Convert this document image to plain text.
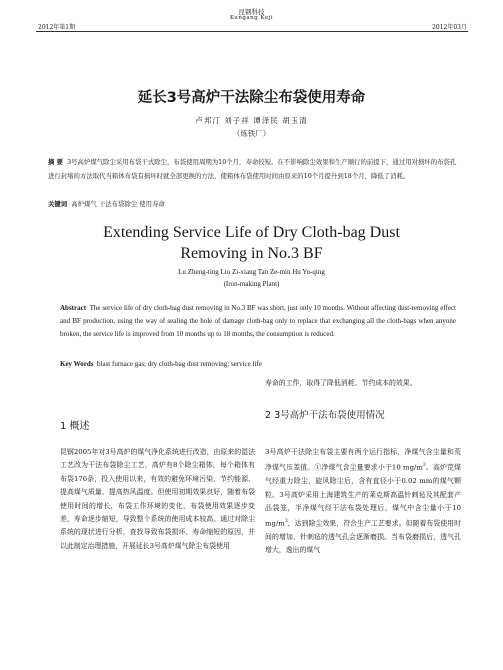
昆钢科技
Kungang Keji
2012年第1期	2012年03月
延长3号高炉干法除尘布袋使用寿命
卢邦汀 刘子祥 谭泽民 胡玉清
（炼铁厂）
摘 要 3号高炉煤气除尘采用布袋干式除尘，布袋使用周期为10个月，寿命较短。在不影响除尘效果和生产顺行的前提下，通过用对损坏的布袋孔进行封堵的方法取代当箱体布袋有损坏时就全部更换的方法，使箱体布袋使用时间由原来的10个月提升到18个月，降低了消耗。
关键词 高炉煤气 干法布袋除尘 使用寿命
Extending Service Life of Dry Cloth-bag Dust
Removing in No.3 BF
Lu Zheng-ting Liu Zi-xiang Tan Ze-min Hu Yu-qing
(Iron-making Plant)
Abstract The service life of dry cloth-bag dust removing in No.3 BF was short, just only 10 months. Without affecting dust-removing effect and BF production, using the way of sealing the hole of damage cloth-bag only to replace that exchanging all the cloth-bags when anyone broken, the service life is improved from 10 months up to 18 months, the consumption is reduced.
Key Words blast furnace gas; dry cloth-bag dust removing; service life
1 概述
昆钢2005年对3号高炉的煤气净化系统进行改造，由原来的湿法工艺改为干法布袋除尘工艺，高炉有8个除尘箱体，每个箱体有布袋176条，投入使用以来，有效的避免环境污染、节约能源、提高煤气质量、提高热风温度。但使用初期效果良好，随着布袋使用时间的增长，布袋工作环境的变化，布袋使用效果逐步变差，寿命逐步缩短，导致整个系统的使用成本较高。通过对除尘系统的现状进行分析，查找导致布袋损坏、寿命缩短的原因，并以此制定治理措施，开展延长3号高炉煤气除尘布袋使用
寿命的工作，取得了降低消耗、节约成本的效果。
2 3号高炉干法布袋使用情况
3号高炉干法除尘布袋主要有两个运行指标，净煤气含尘量和荒净煤气压差值。①净煤气含尘量要求小于10 $mg/m^3$。高炉荒煤气经重力除尘，旋风除尘后，含有直径小于0.02 mm的煤气颗粒。3号高炉采用上海建筑生产的莱克斯高温针刺毡及其配套产品袋笼，半净煤气经干法布袋处理后，煤气中含尘量小于10 $mg/m^3$，达到除尘效果，符合生产工艺要求。但随着布袋使用时间的增加，针刺毡的透气孔会逐渐磨损。当布袋磨损后，透气孔增大，逸出的煤气
